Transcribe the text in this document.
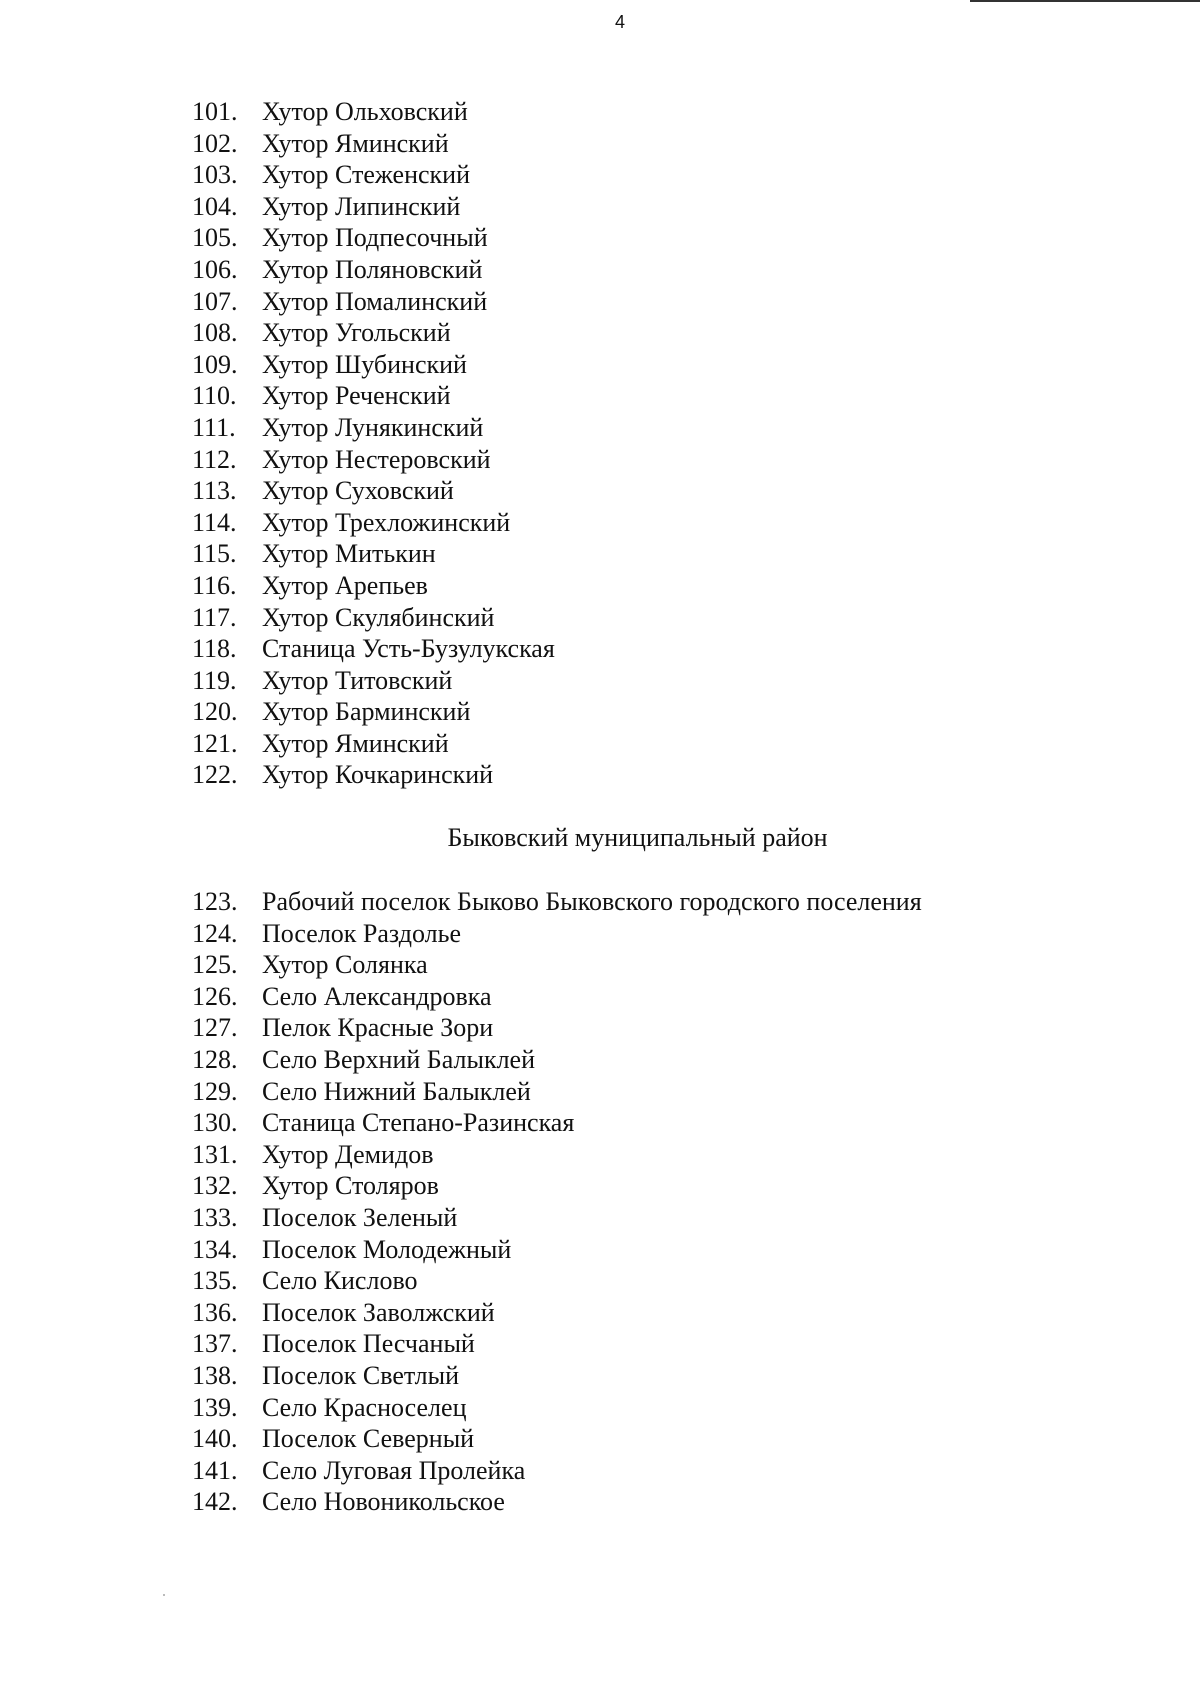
4
101. Хутор Ольховский
102. Хутор Яминский
103. Хутор Стеженский
104. Хутор Липинский
105. Хутор Подпесочный
106. Хутор Поляновский
107. Хутор Помалинский
108. Хутор Угольский
109. Хутор Шубинский
110. Хутор Реченский
111. Хутор Лунякинский
112. Хутор Нестеровский
113. Хутор Суховский
114. Хутор Трехложинский
115. Хутор Митькин
116. Хутор Арепьев
117. Хутор Скулябинский
118. Станица Усть-Бузулукская
119. Хутор Титовский
120. Хутор Барминский
121. Хутор Яминский
122. Хутор Кочкаринский
Быковский муниципальный район
123. Рабочий поселок Быково Быковского городского поселения
124. Поселок Раздолье
125. Хутор Солянка
126. Село Александровка
127. Пелок Красные Зори
128. Село Верхний Балыклей
129. Село Нижний Балыклей
130. Станица Степано-Разинская
131. Хутор Демидов
132. Хутор Столяров
133. Поселок Зеленый
134. Поселок Молодежный
135. Село Кислово
136. Поселок Заволжский
137. Поселок Песчаный
138. Поселок Светлый
139. Село Красноселец
140. Поселок Северный
141. Село Луговая Пролейка
142. Село Новоникольское
